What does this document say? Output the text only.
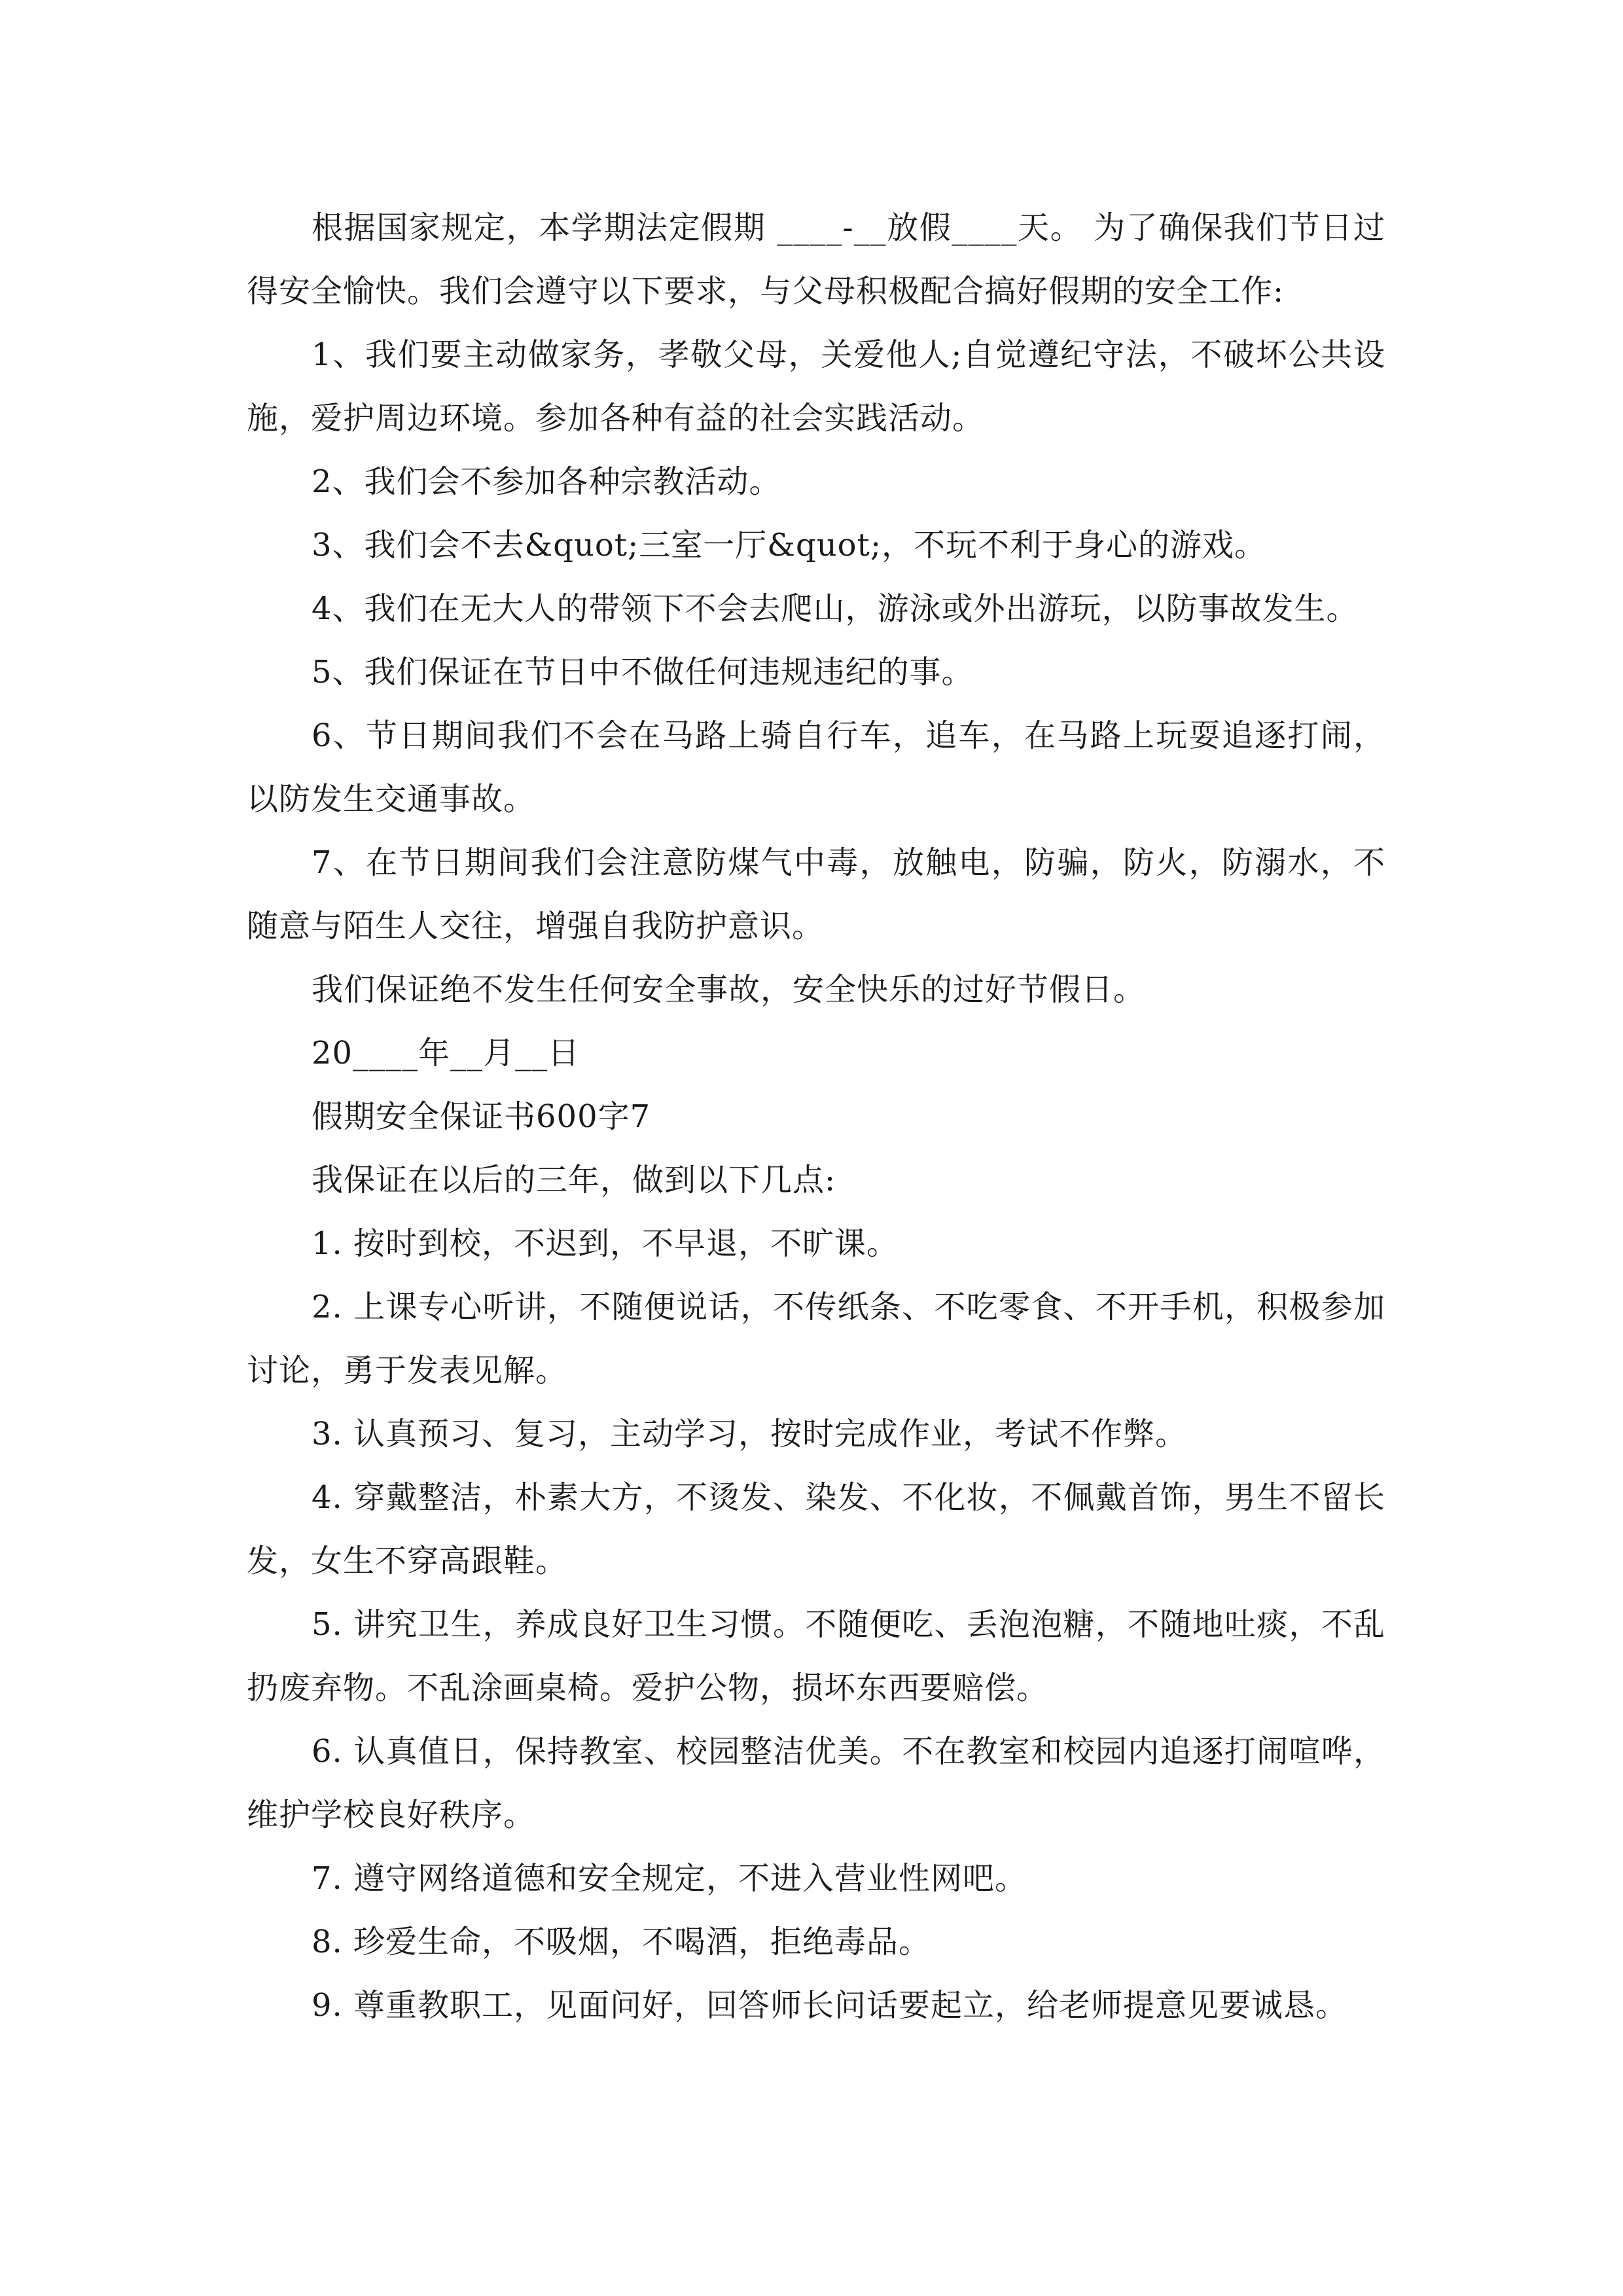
根据国家规定，本学期法定假期 ____-__放假____天。 为了确保我们节日过得安全愉快。我们会遵守以下要求，与父母积极配合搞好假期的安全工作:

1、我们要主动做家务，孝敬父母，关爱他人;自觉遵纪守法，不破坏公共设施，爱护周边环境。参加各种有益的社会实践活动。

2、我们会不参加各种宗教活动。

3、我们会不去&quot;三室一厅&quot;，不玩不利于身心的游戏。

4、我们在无大人的带领下不会去爬山，游泳或外出游玩，以防事故发生。

5、我们保证在节日中不做任何违规违纪的事。

6、节日期间我们不会在马路上骑自行车，追车，在马路上玩耍追逐打闹，以防发生交通事故。

7、在节日期间我们会注意防煤气中毒，放触电，防骗，防火，防溺水，不随意与陌生人交往，增强自我防护意识。

我们保证绝不发生任何安全事故，安全快乐的过好节假日。

20____年__月__日

假期安全保证书600字7

我保证在以后的三年，做到以下几点:

1. 按时到校，不迟到，不早退，不旷课。

2. 上课专心听讲，不随便说话，不传纸条、不吃零食、不开手机，积极参加讨论，勇于发表见解。

3. 认真预习、复习，主动学习，按时完成作业，考试不作弊。

4. 穿戴整洁，朴素大方，不烫发、染发、不化妆，不佩戴首饰，男生不留长发，女生不穿高跟鞋。

5. 讲究卫生，养成良好卫生习惯。不随便吃、丢泡泡糖，不随地吐痰，不乱扔废弃物。不乱涂画桌椅。爱护公物，损坏东西要赔偿。

6. 认真值日，保持教室、校园整洁优美。不在教室和校园内追逐打闹喧哗，维护学校良好秩序。

7. 遵守网络道德和安全规定，不进入营业性网吧。

8. 珍爱生命，不吸烟，不喝酒，拒绝毒品。

9. 尊重教职工，见面问好，回答师长问话要起立，给老师提意见要诚恳。
